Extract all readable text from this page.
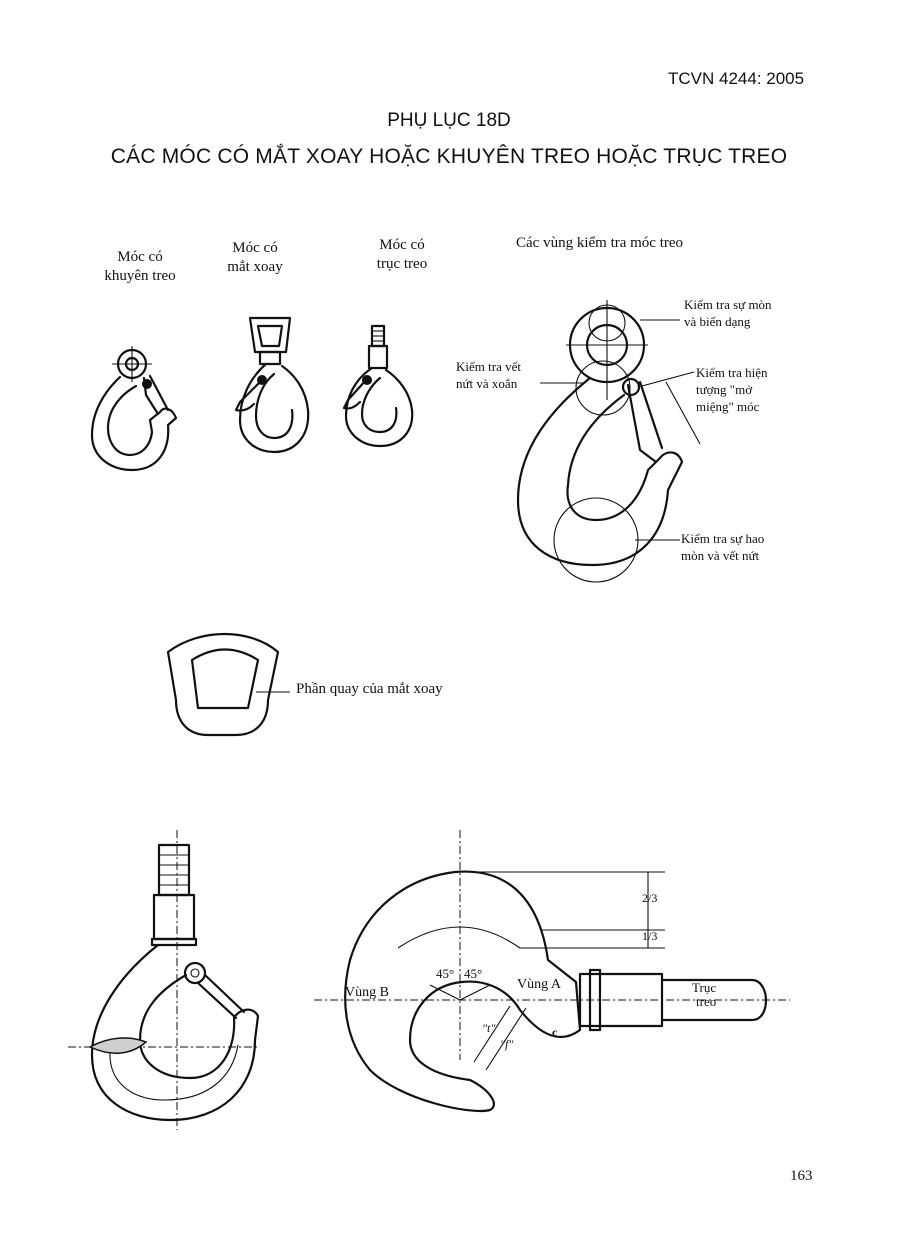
TCVN 4244: 2005
PHỤ LỤC 18D
CÁC MÓC CÓ MẮT XOAY HOẶC KHUYÊN TREO HOẶC TRỤC TREO
Móc có
khuyên treo
Móc có
mắt xoay
Móc có
trục treo
Các vùng kiểm tra móc treo
Kiểm tra sự mòn
và biến dạng
Kiểm tra vết
nứt và xoắn
Kiểm tra hiện
tượng "mở
miệng" móc
Kiểm tra sự hao
mòn và vết nứt
Phần quay của mắt xoay
163
2/3
1/3
45° 45°
Vùng B
Vùng A
"t"
"f"
c
Trục
treo
